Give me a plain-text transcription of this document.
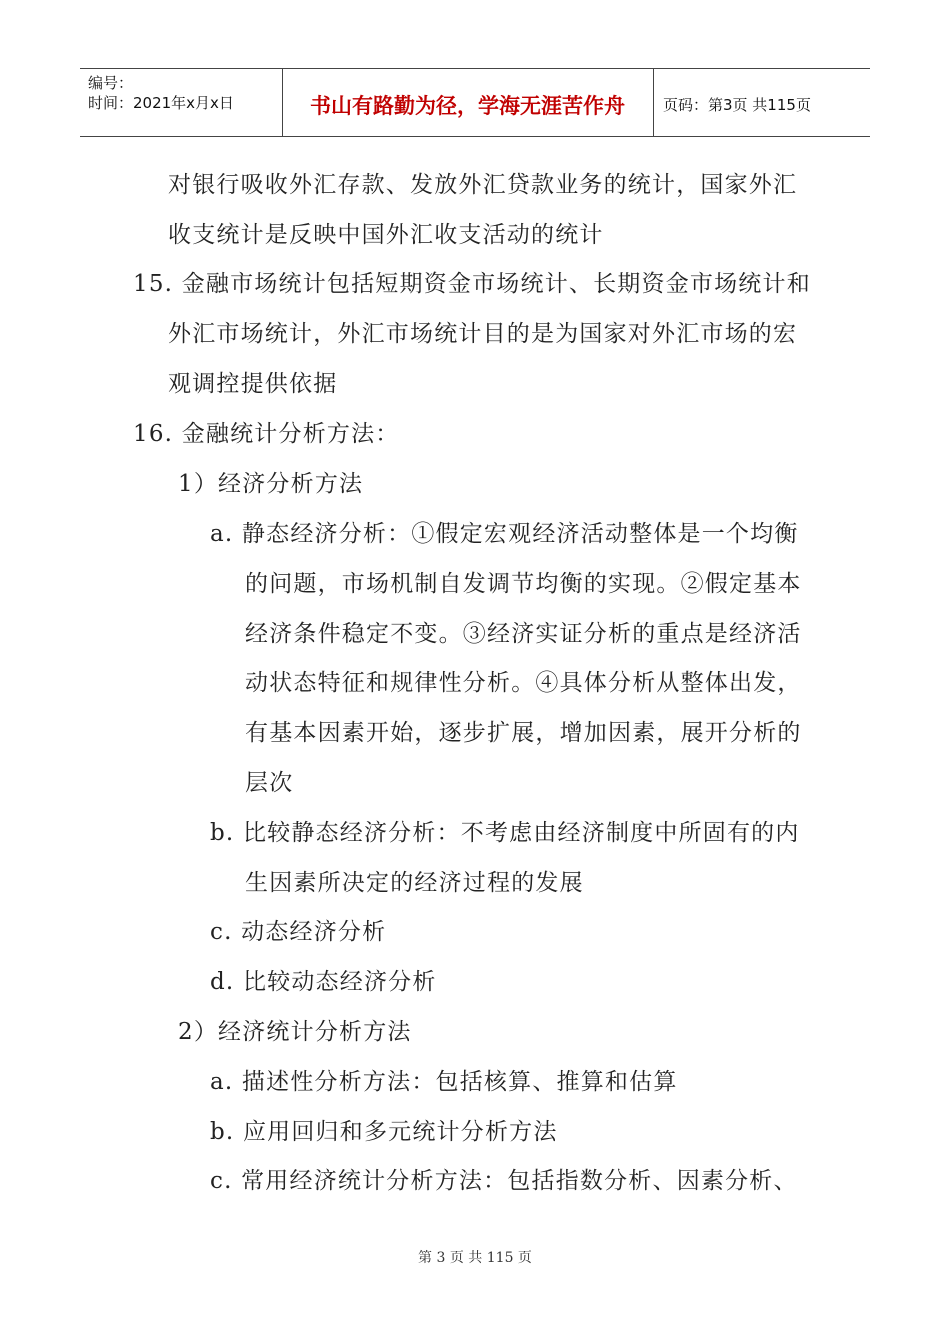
编号：
时间：2021年x月x日	书山有路勤为径，学海无涯苦作舟	页码：第3页 共115页
对银行吸收外汇存款、发放外汇贷款业务的统计，国家外汇
收支统计是反映中国外汇收支活动的统计
15. 金融市场统计包括短期资金市场统计、长期资金市场统计和
外汇市场统计，外汇市场统计目的是为国家对外汇市场的宏
观调控提供依据
16. 金融统计分析方法：
1）经济分析方法
a. 静态经济分析：①假定宏观经济活动整体是一个均衡
的问题，市场机制自发调节均衡的实现。②假定基本
经济条件稳定不变。③经济实证分析的重点是经济活
动状态特征和规律性分析。④具体分析从整体出发，
有基本因素开始，逐步扩展，增加因素，展开分析的
层次
b. 比较静态经济分析：不考虑由经济制度中所固有的内
生因素所决定的经济过程的发展
c. 动态经济分析
d. 比较动态经济分析
2）经济统计分析方法
a. 描述性分析方法：包括核算、推算和估算
b. 应用回归和多元统计分析方法
c. 常用经济统计分析方法：包括指数分析、因素分析、
第 3 页 共 115 页
